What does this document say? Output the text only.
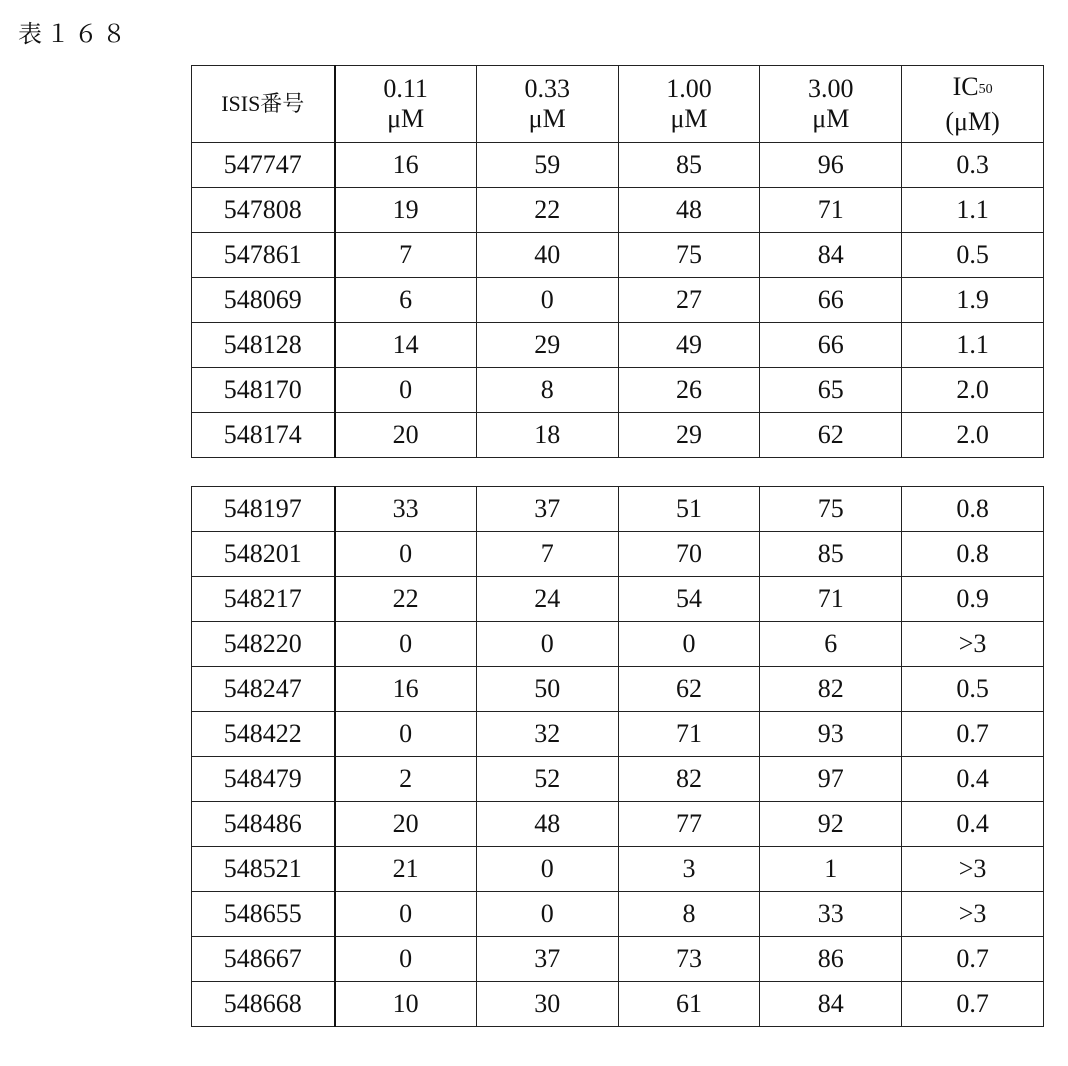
表１６８
ISIS番号	0.11
μM	0.33
μM	1.00
μM	3.00
μM	IC50
(μM)
547747	16	59	85	96	0.3
547808	19	22	48	71	1.1
547861	7	40	75	84	0.5
548069	6	0	27	66	1.9
548128	14	29	49	66	1.1
548170	0	8	26	65	2.0
548174	20	18	29	62	2.0
548197	33	37	51	75	0.8
548201	0	7	70	85	0.8
548217	22	24	54	71	0.9
548220	0	0	0	6	>3
548247	16	50	62	82	0.5
548422	0	32	71	93	0.7
548479	2	52	82	97	0.4
548486	20	48	77	92	0.4
548521	21	0	3	1	>3
548655	0	0	8	33	>3
548667	0	37	73	86	0.7
548668	10	30	61	84	0.7
